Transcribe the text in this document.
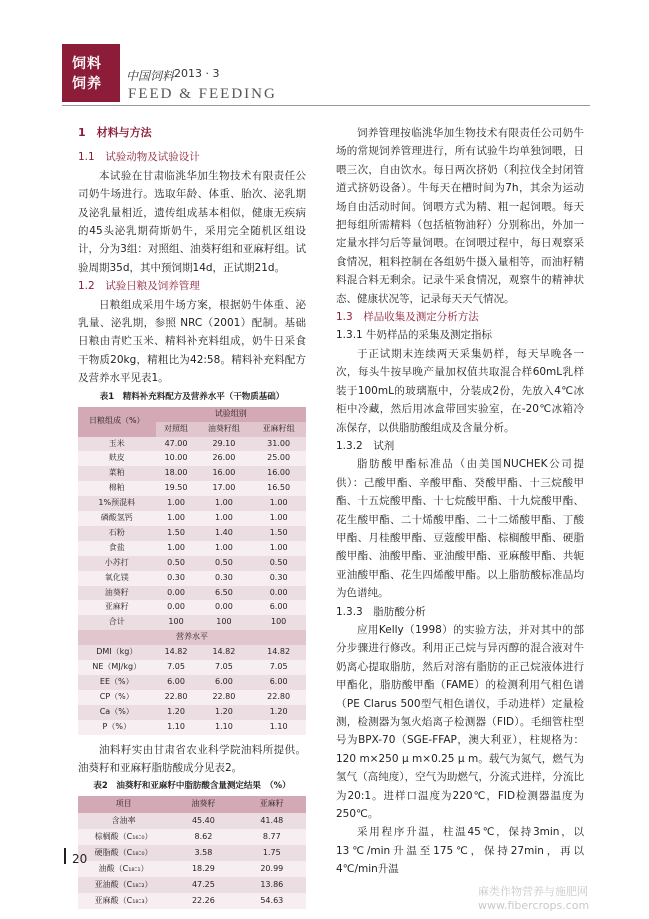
饲料
饲养 中国饲料 2013 · 3
FEED & FEEDING
1　材料与方法
1.1　试验动物及试验设计
本试验在甘肃临洮华加生物技术有限责任公司奶牛场进行。选取年龄、体重、胎次、泌乳期及泌乳量相近，遗传组成基本相似，健康无疾病的45头泌乳期荷斯奶牛，采用完全随机区组设计，分为3组：对照组、油葵籽组和亚麻籽组。试验周期35d，其中预饲期14d，正试期21d。
1.2　试验日粮及饲养管理
日粮组成采用牛场方案，根据奶牛体重、泌乳量、泌乳期，参照 NRC（2001）配制。基础日粮由青贮玉米、精料补充料组成，奶牛日采食干物质20kg，精粗比为42:58。精料补充料配方及营养水平见表1。
表1　精料补充料配方及营养水平（干物质基础）
日粮组成（%）	试验组别		
	对照组	油葵籽组	亚麻籽组
玉米	47.00	29.10	31.00
麸皮	10.00	26.00	25.00
菜粕	18.00	16.00	16.00
棉粕	19.50	17.00	16.50
1%预混料	1.00	1.00	1.00
磷酸氢钙	1.00	1.00	1.00
石粉	1.50	1.40	1.50
食盐	1.00	1.00	1.00
小苏打	0.50	0.50	0.50
氧化镁	0.30	0.30	0.30
油葵籽	0.00	6.50	0.00
亚麻籽	0.00	0.00	6.00
合计	100	100	100
营养水平			
DMI（kg）	14.82	14.82	14.82
NE（MJ/kg）	7.05	7.05	7.05
EE（%）	6.00	6.00	6.00
CP（%）	22.80	22.80	22.80
Ca（%）	1.20	1.20	1.20
P（%）	1.10	1.10	1.10
油料籽实由甘肃省农业科学院油料所提供。油葵籽和亚麻籽脂肪酸成分见表2。
表2　油葵籽和亚麻籽中脂肪酸含量测定结果　（%）
项目	油葵籽	亚麻籽
含油率	45.40	41.48
棕榈酸（C₁₆:₀）	8.62	8.77
硬脂酸（C₁₈:₀）	3.58	1.75
油酸（C₁₈:₁）	18.29	20.99
亚油酸（C₁₈:₂）	47.25	13.86
亚麻酸（C₁₈:₃）	22.26	54.63
饲养管理按临洮华加生物技术有限责任公司奶牛场的常规饲养管理进行，所有试验牛均单独饲喂，日喂三次，自由饮水。每日两次挤奶（利拉伐全封闭管道式挤奶设备）。牛每天在槽时间为7h，其余为运动场自由活动时间。饲喂方式为精、粗一起饲喂。每天把每组所需精料（包括植物油籽）分别称出，外加一定量水拌匀后等量饲喂。在饲喂过程中，每日观察采食情况，粗料控制在各组奶牛摄入量相等，而油籽精料混合料无剩余。记录牛采食情况，观察牛的精神状态、健康状况等，记录每天天气情况。
1.3　样品收集及测定分析方法
1.3.1 牛奶样品的采集及测定指标
于正试期末连续两天采集奶样，每天早晚各一次，每头牛按早晚产量加权值共取混合样60mL乳样装于100mL的玻璃瓶中，分装成2份，先放入4℃冰柜中冷藏，然后用冰盒带回实验室，在-20℃冰箱冷冻保存，以供脂肪酸组成及含量分析。
1.3.2　试剂
脂肪酸甲酯标准品（由美国NUCHEK公司提供）：己酸甲酯、辛酸甲酯、癸酸甲酯、十三烷酸甲酯、十五烷酸甲酯、十七烷酸甲酯、十九烷酸甲酯、花生酸甲酯、二十烯酸甲酯、二十二烯酸甲酯、丁酸甲酯、月桂酸甲酯、豆蔻酸甲酯、棕榈酸甲酯、硬脂酸甲酯、油酸甲酯、亚油酸甲酯、亚麻酸甲酯、共轭亚油酸甲酯、花生四烯酸甲酯。以上脂肪酸标准品均为色谱纯。
1.3.3　脂肪酸分析
应用Kelly（1998）的实验方法，并对其中的部分步骤进行修改。利用正己烷与异丙醇的混合液对牛奶离心提取脂肪，然后对溶有脂肪的正己烷液体进行甲酯化，脂肪酸甲酯（FAME）的检测利用气相色谱（PE Clarus 500型气相色谱仪，手动进样）定量检测，检测器为氢火焰离子检测器（FID）。毛细管柱型号为BPX-70（SGE-FFAP，澳大利亚），柱规格为：120 m×250 μ m×0.25 μ m。载气为氮气，燃气为氢气（高纯度），空气为助燃气，分流式进样，分流比为20:1。进样口温度为220℃，FID检测器温度为250℃。
采用程序升温，柱温45℃，保持3min，以13℃/min升温至175℃，保持27min，再以4℃/min升温
20
麻类作物营养与施肥网
www.fibercrops.com
